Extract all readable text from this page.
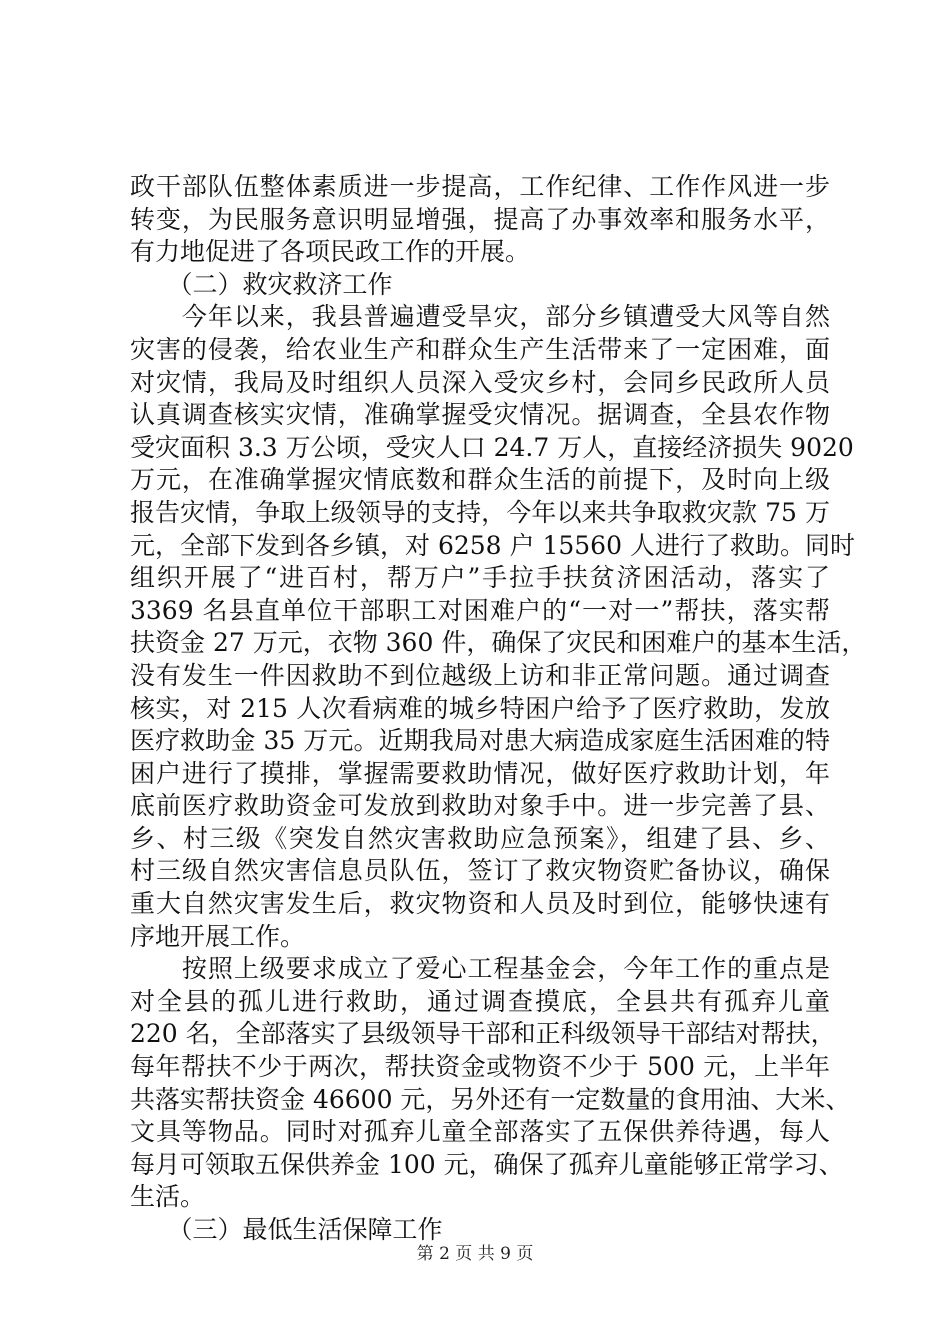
政干部队伍整体素质进一步提高，工作纪律、工作作风进一步
转变，为民服务意识明显增强，提高了办事效率和服务水平，
有力地促进了各项民政工作的开展。
　　（二）救灾救济工作
　　今年以来，我县普遍遭受旱灾，部分乡镇遭受大风等自然
灾害的侵袭，给农业生产和群众生产生活带来了一定困难，面
对灾情，我局及时组织人员深入受灾乡村，会同乡民政所人员
认真调查核实灾情，准确掌握受灾情况。据调查，全县农作物
受灾面积 3.3 万公顷，受灾人口 24.7 万人，直接经济损失 9020
万元，在准确掌握灾情底数和群众生活的前提下，及时向上级
报告灾情，争取上级领导的支持，今年以来共争取救灾款 75 万
元，全部下发到各乡镇，对 6258 户 15560 人进行了救助。同时
组织开展了“进百村，帮万户”手拉手扶贫济困活动，落实了
3369 名县直单位干部职工对困难户的“一对一”帮扶，落实帮
扶资金 27 万元，衣物 360 件，确保了灾民和困难户的基本生活，
没有发生一件因救助不到位越级上访和非正常问题。通过调查
核实，对 215 人次看病难的城乡特困户给予了医疗救助，发放
医疗救助金 35 万元。近期我局对患大病造成家庭生活困难的特
困户进行了摸排，掌握需要救助情况，做好医疗救助计划，年
底前医疗救助资金可发放到救助对象手中。进一步完善了县、
乡、村三级《突发自然灾害救助应急预案》，组建了县、乡、
村三级自然灾害信息员队伍，签订了救灾物资贮备协议，确保
重大自然灾害发生后，救灾物资和人员及时到位，能够快速有
序地开展工作。
　　按照上级要求成立了爱心工程基金会，今年工作的重点是
对全县的孤儿进行救助，通过调查摸底，全县共有孤弃儿童
220 名，全部落实了县级领导干部和正科级领导干部结对帮扶，
每年帮扶不少于两次，帮扶资金或物资不少于 500 元，上半年
共落实帮扶资金 46600 元，另外还有一定数量的食用油、大米、
文具等物品。同时对孤弃儿童全部落实了五保供养待遇，每人
每月可领取五保供养金 100 元，确保了孤弃儿童能够正常学习、
生活。
　　（三）最低生活保障工作
第 2 页 共 9 页
